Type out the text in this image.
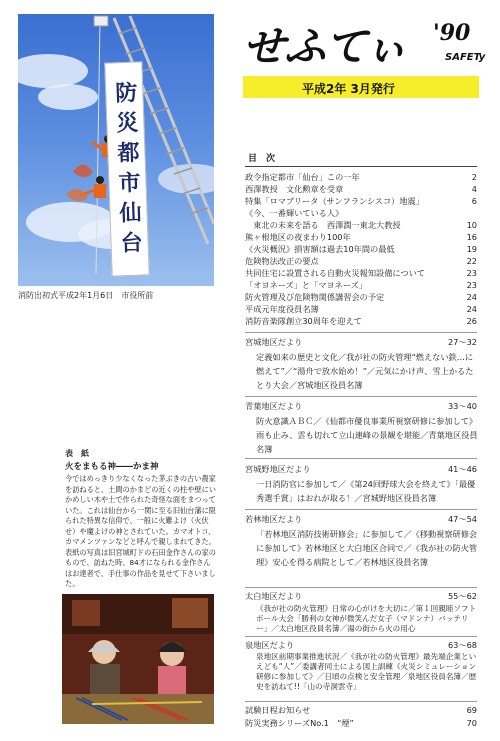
防災都市仙台
消防出初式平成2年1月6日　市役所前
せふてぃ '90
SAFETy
平成2年 3月発行
目　次
政令指定都市「仙台」この一年	2
西澤教授　文化勲章を受章	4
特集「ロマプリータ（サンフランシスコ）地震」	6
《今、一番輝いている人》
　東北の未来を語る　西澤潤一東北大教授	10
熊ヶ根地区の夜まわり100年	16
《火災概況》損害額は過去10年間の最低	19
危険物法改正の要点	22
共同住宅に設置される自動火災報知設備について	23
「オヨネーズ」と「マヨネーズ」	23
防火管理及び危険物関係講習会の予定	24
平成元年度役員名簿	24
消防音楽隊創立30周年を迎えて	26
宮城地区だより	27～32
定義如来の歴史と文化／我が社の防火管理“燃えない鉄…に燃えて”／“湯舟で放水始め！”／元気にかけ声、雪上かるたとり大会／宮城地区役員名簿
青葉地区だより	33～40
防火意識ＡＢＣ／《仙都市優良事業所視察研修に参加して》雨も止み、雲も切れて立山連峰の景観を堪能／青葉地区役員名簿
宮城野地区だより	41～46
一日消防官に参加して／《第24回野球大会を終えて》「最優秀選手賞」はおれが取る！／宮城野地区役員名簿
若林地区だより	47～54
「若林地区消防技術研修会」に参加して／《移動視察研修会に参加して》若林地区と大白地区合同で／《我が社の防火管理》安心を得る病院として／若林地区役員名簿
太白地区だより	55～62
《我が社の防火管理》日常の心がけを大切に／第１回親睦ソフトボール大会「勝利の女神が微笑んだ女子（マドンナ）バッテリー」／太白地区役員名簿／湯の街から火の用心
泉地区だより	63～68
泉地区前期事業推進状況／《我が社の防火管理》最先端企業といえども“人”／委講者同士による図上訓練《火災シミュレーション研修に参加して》／日頃の点検と安全管理／泉地区役員名簿／歴史を訪ねて!!「山の寺洞雲寺」
試験日程お知らせ	69
防災実務シリーズNo.1　“煙”	70
表　紙
火をまもる神――かま神
今ではめっきり少なくなった茅ぶきの古い農家を訪ねると、土間のかまどの近くの柱や壁にいかめしい木や土で作られた奇怪な面をまつっていた。これは仙台から一関に至る旧仙台藩に限られた特異な信仰で、一般に火難よけ（火伏せ）や魔よけの神とされていた。カマオトコ、カマメンツァンなどと呼んで親しまれてきた。表紙の写真は旧宮城町ドの石田金作さんの家のもので、訪ねた時、84才になられる金作さんはお達者で、手仕事の作品を見せて下さいました。
